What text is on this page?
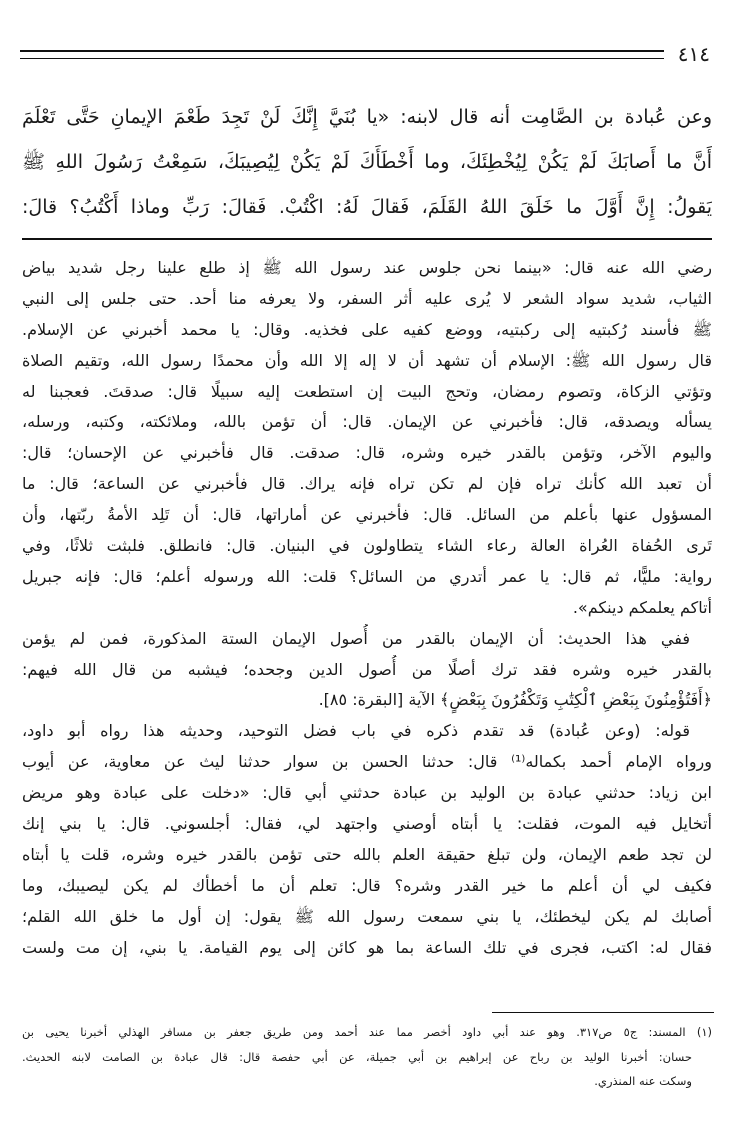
٤١٤
وعن عُبادة بن الصَّامِت أنه قال لابنه: «يا بُنَيَّ إِنَّكَ لَنْ تَجِدَ طَعْمَ الإيمانِ حَتَّى تَعْلَمَ
أَنَّ ما أَصابَكَ لَمْ يَكُنْ لِيُخْطِئَكَ، وما أَخْطَأَكَ لَمْ يَكُنْ لِيُصِيبَكَ، سَمِعْتُ رَسُولَ اللهِ ﷺ
يَقولُ: إِنَّ أَوَّلَ ما خَلَقَ اللهُ القَلَمَ، فَقالَ لَهُ: اكْتُبْ. فَقالَ: رَبِّ وماذا أَكْتُبُ؟ قالَ:
رضي الله عنه قال: «بينما نحن جلوس عند رسول الله ﷺ إذ طلع علينا رجل شديد بياض
الثياب، شديد سواد الشعر لا يُرى عليه أثر السفر، ولا يعرفه منا أحد. حتى جلس إلى النبي
ﷺ فأسند رُكبتيه إلى ركبتيه، ووضع كفيه على فخذيه. وقال: يا محمد أخبرني عن الإسلام.
قال رسول الله ﷺ: الإسلام أن تشهد أن لا إله إلا الله وأن محمدًا رسول الله، وتقيم الصلاة
وتؤتي الزكاة، وتصوم رمضان، وتحج البيت إن استطعت إليه سبيلًا قال: صدقتَ. فعجبنا له
يسأله ويصدقه، قال: فأخبرني عن الإيمان. قال: أن تؤمن بالله، وملائكته، وكتبه، ورسله،
واليوم الآخر، وتؤمن بالقدر خيره وشره، قال: صدقت. قال فأخبرني عن الإحسان؛ قال:
أن تعبد الله كأنك تراه فإن لم تكن تراه فإنه يراك. قال فأخبرني عن الساعة؛ قال: ما
المسؤول عنها بأعلم من السائل. قال: فأخبرني عن أماراتها، قال: أن تَلِد الأمةُ ربّتها، وأن
تَرى الحُفاة العُراة العالة رعاء الشاء يتطاولون في البنيان. قال: فانطلق. فلبثت ثلاثًا، وفي
رواية: مليًّا، ثم قال: يا عمر أتدري من السائل؟ قلت: الله ورسوله أعلم؛ قال: فإنه جبريل
أتاكم يعلمكم دينكم».
ففي هذا الحديث: أن الإيمان بالقدر من أُصول الإيمان الستة المذكورة، فمن لم يؤمن
بالقدر خيره وشره فقد ترك أصلًا من أُصول الدين وجحده؛ فيشبه من قال الله فيهم:
﴿أَفَتُؤْمِنُونَ بِبَعْضِ ٱلْكِتَٰبِ وَتَكْفُرُونَ بِبَعْضٍ﴾ الآية [البقرة: ٨٥].
قوله: (وعن عُبادة) قد تقدم ذكره في باب فضل التوحيد، وحديثه هذا رواه أبو داود،
ورواه الإمام أحمد بكماله⁽¹⁾ قال: حدثنا الحسن بن سوار حدثنا ليث عن معاوية، عن أيوب
ابن زياد: حدثني عبادة بن الوليد بن عبادة حدثني أبي قال: «دخلت على عبادة وهو مريض
أتخايل فيه الموت، فقلت: يا أبتاه أوصني واجتهد لي، فقال: أجلسوني. قال: يا بني إنك
لن تجد طعم الإيمان، ولن تبلغ حقيقة العلم بالله حتى تؤمن بالقدر خيره وشره، قلت يا أبتاه
فكيف لي أن أعلم ما خير القدر وشره؟ قال: تعلم أن ما أخطأك لم يكن ليصيبك، وما
أصابك لم يكن ليخطئك، يا بني سمعت رسول الله ﷺ يقول: إن أول ما خلق الله القلم؛
فقال له: اكتب، فجرى في تلك الساعة بما هو كائن إلى يوم القيامة. يا بني، إن مت ولست
(١) المسند: ج٥ ص٣١٧. وهو عند أبي داود أخصر مما عند أحمد ومن طريق جعفر بن مسافر الهذلي أخبرنا يحيى بن
حسان: أخبرنا الوليد بن رباح عن إبراهيم بن أبي جميلة، عن أبي حفصة قال: قال عبادة بن الصامت لابنه الحديث.
وسكت عنه المنذري.
